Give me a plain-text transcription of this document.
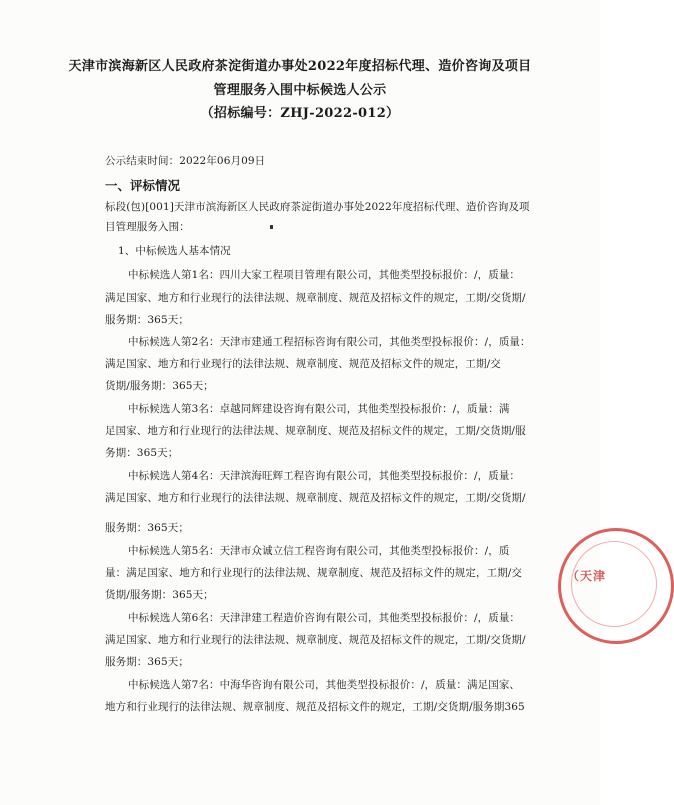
天津市滨海新区人民政府茶淀街道办事处2022年度招标代理、造价咨询及项目
管理服务入围中标候选人公示
（招标编号：ZHJ-2022-012）
公示结束时间：2022年06月09日
一、评标情况
标段(包)[001]天津市滨海新区人民政府茶淀街道办事处2022年度招标代理、造价咨询及项
目管理服务入围：
1、中标候选人基本情况
中标候选人第1名：四川大家工程项目管理有限公司，其他类型投标报价：/，质量：
满足国家、地方和行业现行的法律法规、规章制度、规范及招标文件的规定，工期/交货期/
服务期：365天；
中标候选人第2名：天津市建通工程招标咨询有限公司，其他类型投标报价：/，质量：
满足国家、地方和行业现行的法律法规、规章制度、规范及招标文件的规定，工期/交
货期/服务期：365天；
中标候选人第3名：卓越同辉建设咨询有限公司，其他类型投标报价：/，质量：满
足国家、地方和行业现行的法律法规、规章制度、规范及招标文件的规定，工期/交货期/服
务期：365天；
中标候选人第4名：天津滨海旺辉工程咨询有限公司，其他类型投标报价：/，质量：
满足国家、地方和行业现行的法律法规、规章制度、规范及招标文件的规定，工期/交货期/
服务期：365天；
中标候选人第5名：天津市众诚立信工程咨询有限公司，其他类型投标报价：/，质
量：满足国家、地方和行业现行的法律法规、规章制度、规范及招标文件的规定，工期/交
货期/服务期：365天；
中标候选人第6名：天津津建工程造价咨询有限公司，其他类型投标报价：/，质量：
满足国家、地方和行业现行的法律法规、规章制度、规范及招标文件的规定，工期/交货期/
服务期：365天；
中标候选人第7名：中海华咨询有限公司，其他类型投标报价：/，质量：满足国家、
地方和行业现行的法律法规、规章制度、规范及招标文件的规定，工期/交货期/服务期365
（天津
